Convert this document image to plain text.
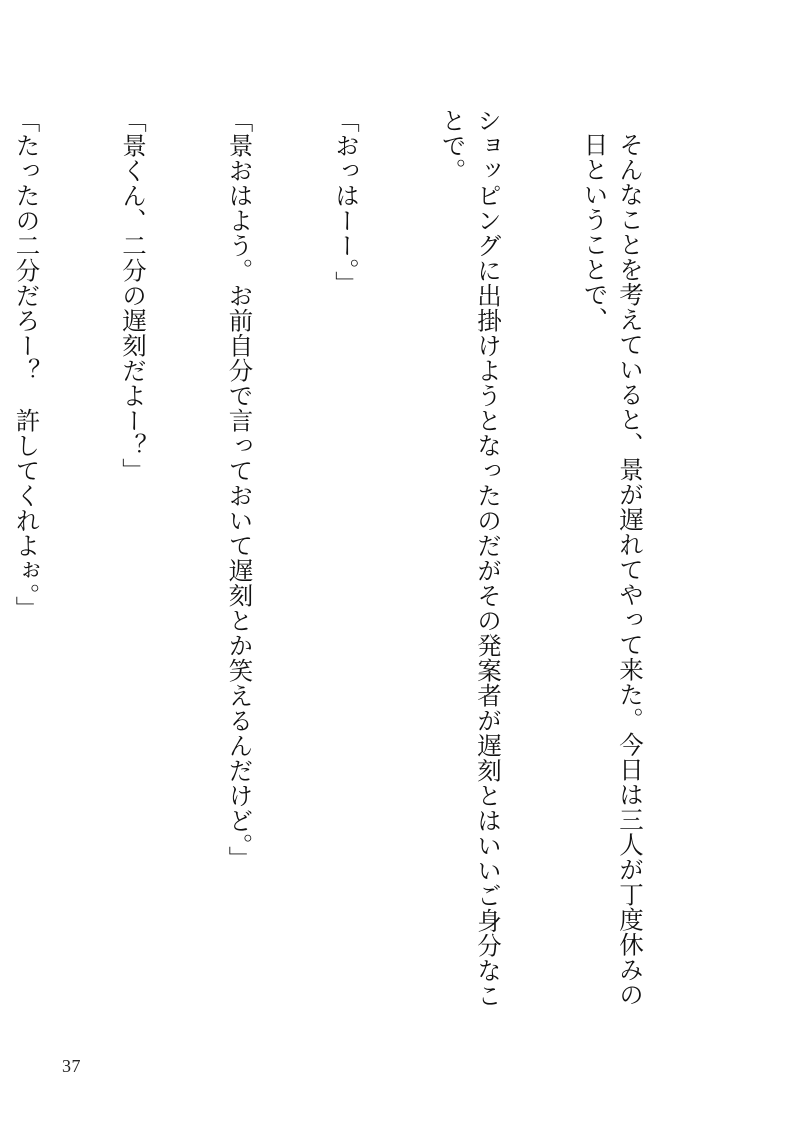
そんなことを考えていると、景が遅れてやって来た。今日は三人が丁度休みの日ということで、

ショッピングに出掛けようとなったのだがその発案者が遅刻とはいいご身分なことで。

「おっはーー。」

「景おはよう。お前自分で言っておいて遅刻とか笑えるんだけど。」

「景くん、二分の遅刻だよー？」

「たったの二分だろー？　許してくれよぉ。」

37
